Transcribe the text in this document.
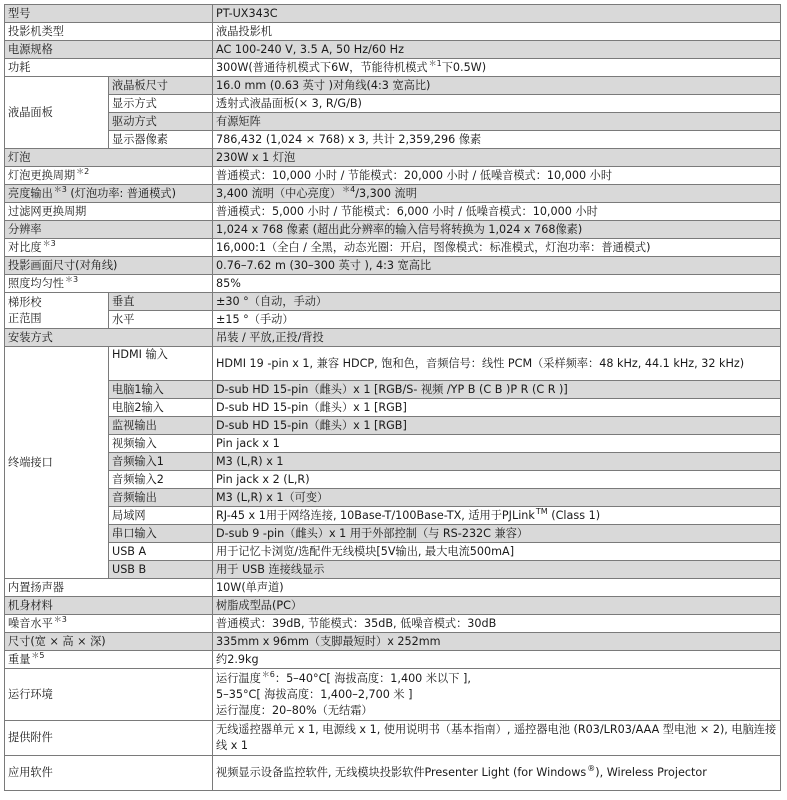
型号		PT-UX343C
投影机类型		液晶投影机
电源规格		AC 100-240 V, 3.5 A, 50 Hz/60 Hz
功耗		300W(普通待机模式下6W，节能待机模式$^{*1}$下0.5W)
液晶面板	液晶板尺寸	16.0 mm (0.63 英寸 )对角线(4:3 宽高比)
	显示方式	透射式液晶面板(× 3, R/G/B)
	驱动方式	有源矩阵
	显示器像素	786,432 (1,024 × 768) x 3, 共计 2,359,296 像素
灯泡		230W x 1 灯泡
灯泡更换周期$^{*2}$		普通模式：10,000 小时 / 节能模式：20,000 小时 / 低噪音模式：10,000 小时
亮度输出$^{*3}$ (灯泡功率: 普通模式)		3,400 流明（中心亮度）$^{*4}$/3,300 流明
过滤网更换周期		普通模式：5,000 小时 / 节能模式：6,000 小时 / 低噪音模式：10,000 小时
分辨率		1,024 x 768 像素 (超出此分辨率的输入信号将转换为 1,024 x 768像素)
对比度$^{*3}$		16,000:1（全白 / 全黑，动态光圈：开启，图像模式：标准模式，灯泡功率：普通模式)
投影画面尺寸(对角线)		0.76–7.62 m (30–300 英寸 ), 4:3 宽高比
照度均匀性$^{*3}$		85%
梯形校
正范围	垂直	±30 °（自动，手动）
	水平	±15 °（手动）
安装方式		吊装 / 平放,正投/背投
终端接口	HDMI 输入	HDMI 19 -pin x 1, 兼容 HDCP, 饱和色，音频信号：线性 PCM（采样频率：48 kHz, 44.1 kHz, 32 kHz)
	电脑1输入	D-sub HD 15-pin（雌头）x 1 [RGB/S- 视频 /YP B (C B )P R (C R )]
	电脑2输入	D-sub HD 15-pin（雌头）x 1 [RGB]
	监视输出	D-sub HD 15-pin（雌头）x 1 [RGB]
	视频输入	Pin jack x 1
	音频输入1	M3 (L,R) x 1
	音频输入2	Pin jack x 2 (L,R)
	音频输出	M3 (L,R) x 1（可变）
	局域网	RJ-45 x 1用于网络连接, 10Base-T/100Base-TX, 适用于PJLink™ (Class 1)
	串口输入	D-sub 9 -pin（雌头）x 1 用于外部控制（与 RS-232C 兼容）
	USB A	用于记忆卡浏览/选配件无线模块[5V输出, 最大电流500mA]
	USB B	用于 USB 连接线显示
内置扬声器		10W(单声道)
机身材料		树脂成型品(PC）
噪音水平$^{*3}$		普通模式：39dB, 节能模式：35dB, 低噪音模式：30dB
尺寸(宽 × 高 × 深)		335mm x 96mm（支脚最短时）x 252mm
重量$^{*5}$		约2.9kg
运行环境		运行温度$^{*6}$：5–40°C[ 海拔高度：1,400 米以下 ],
5–35°C[ 海拔高度：1,400–2,700 米 ]
运行湿度：20–80%（无结霜）
提供附件		无线遥控器单元 x 1, 电源线 x 1, 使用说明书（基本指南）, 遥控器电池 (R03/LR03/AAA 型电池 × 2), 电脑连接线 x 1
应用软件		视频显示设备监控软件, 无线模块投影软件Presenter Light (for Windows®), Wireless Projector
